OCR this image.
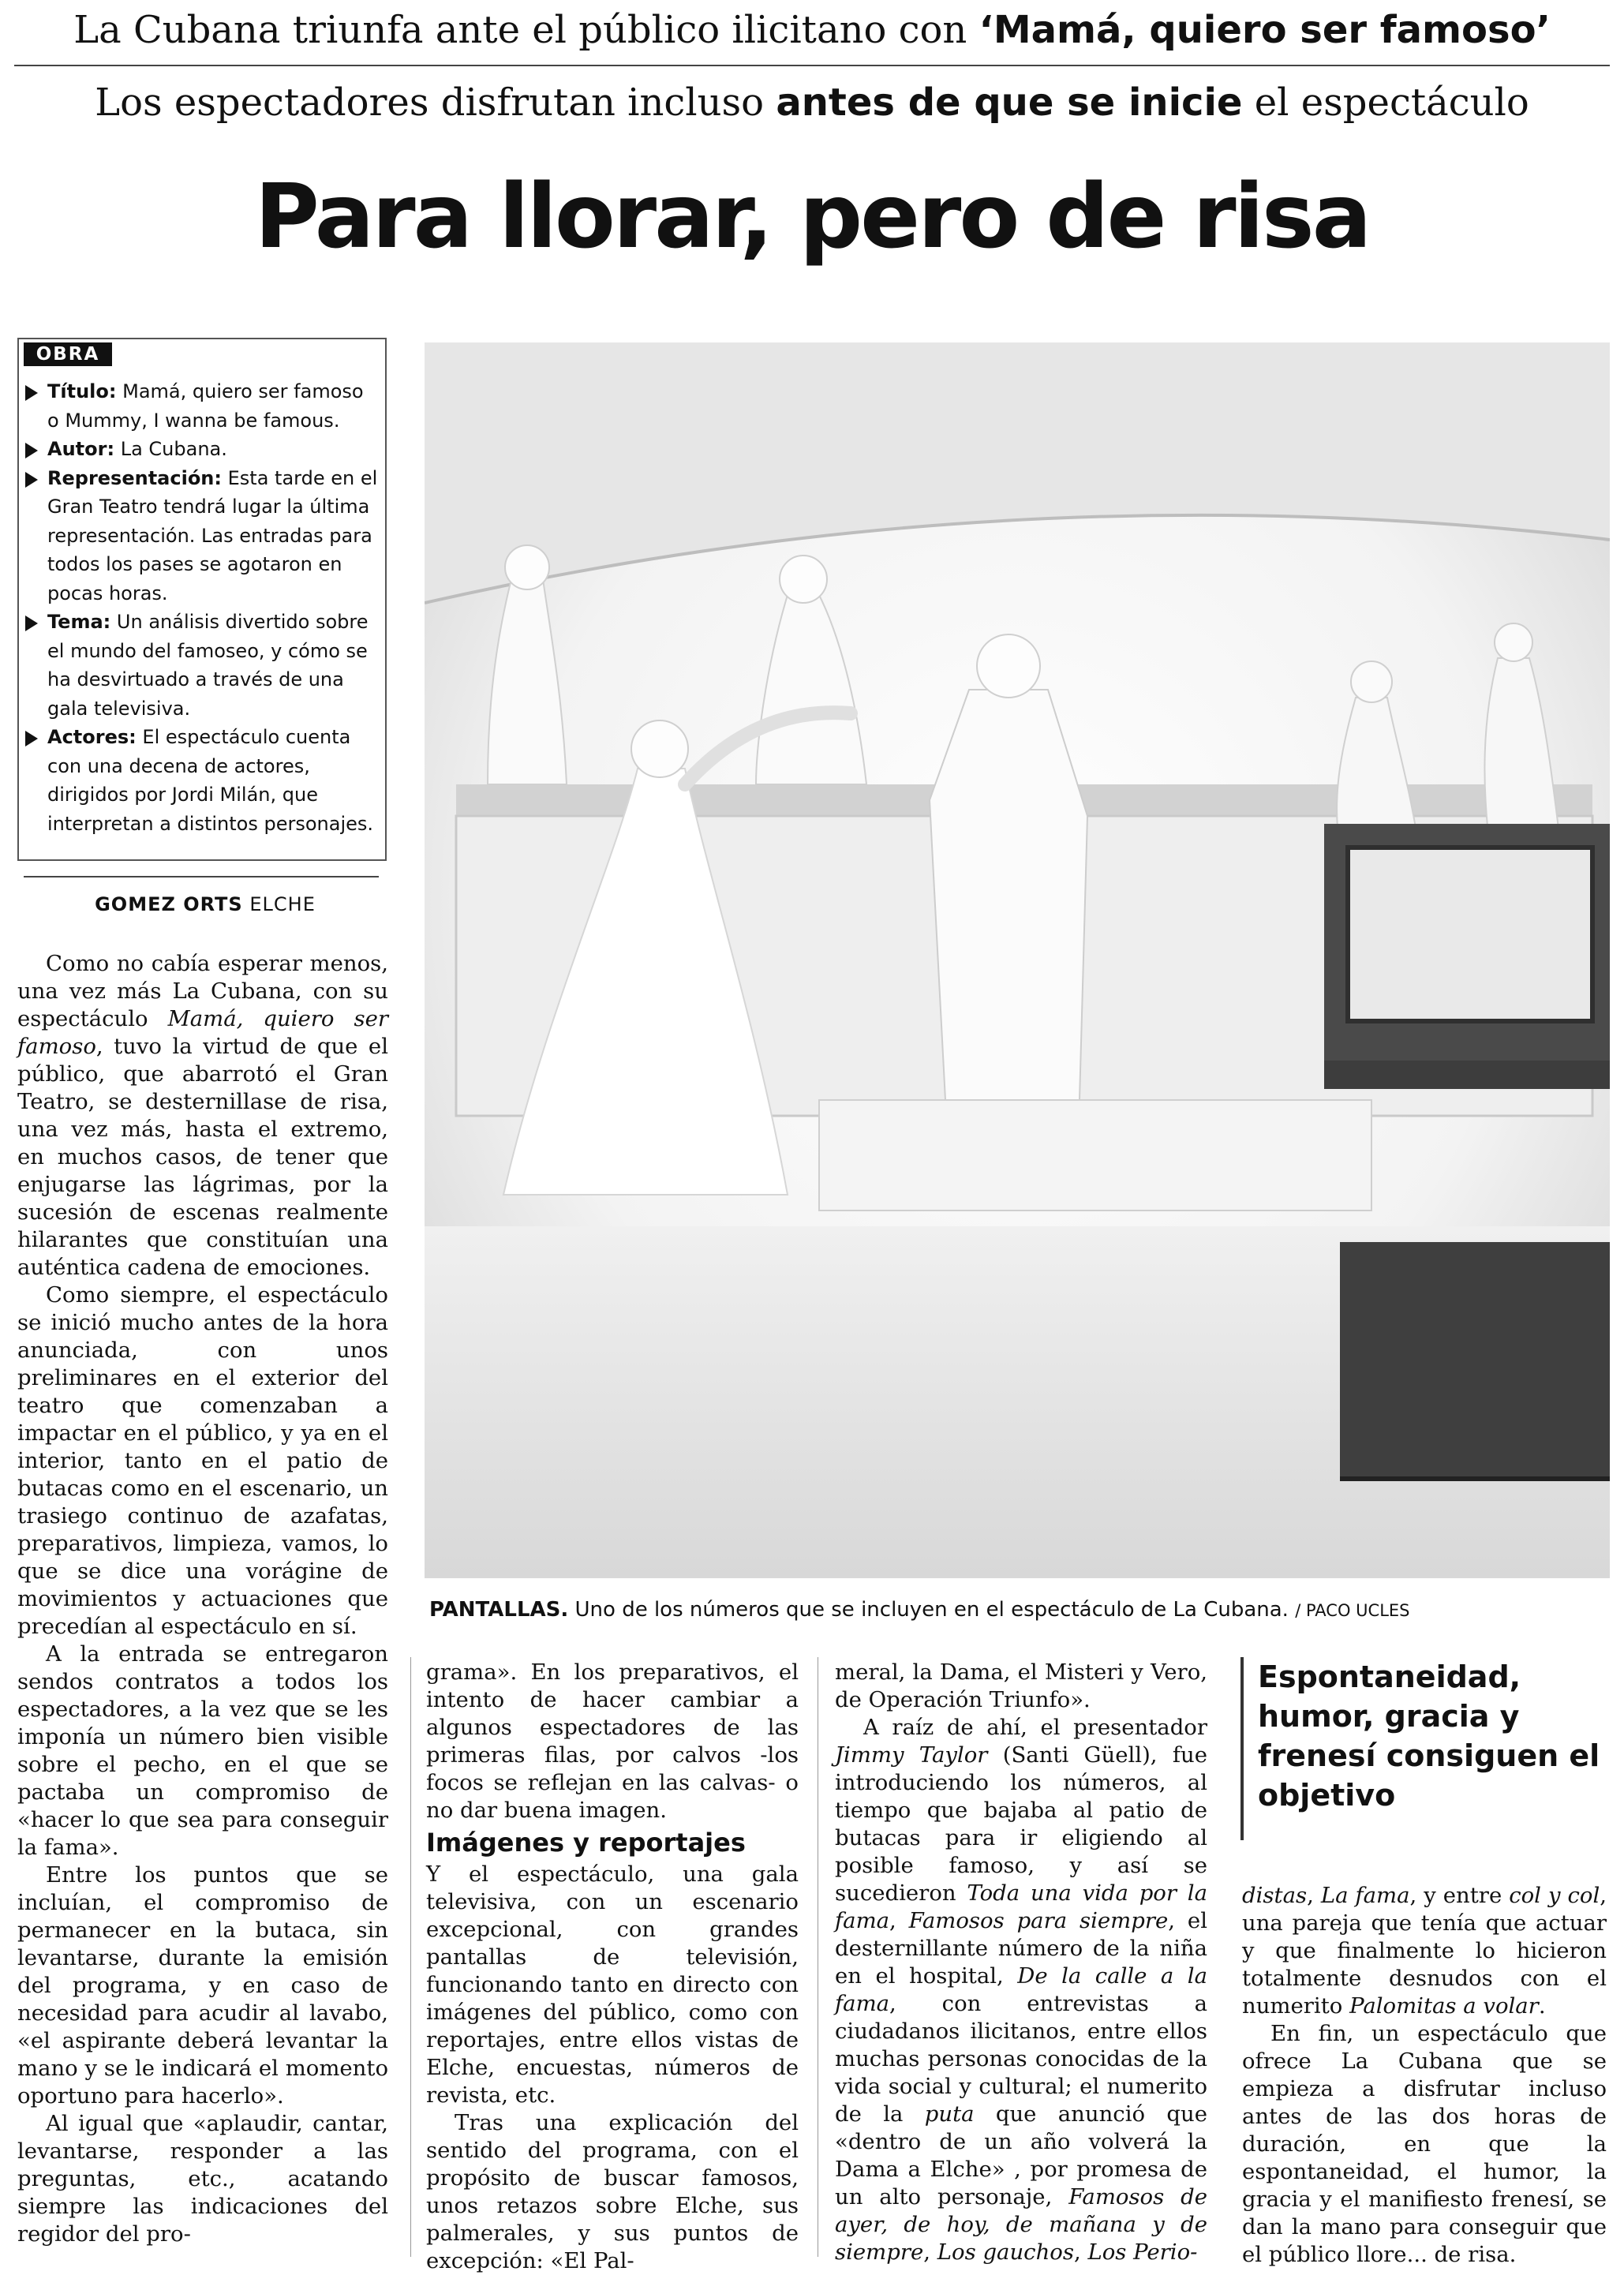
La Cubana triunfa ante el público ilicitano con ‘Mamá, quiero ser famoso’
Los espectadores disfrutan incluso antes de que se inicie el espectáculo
Para llorar, pero de risa
OBRA
Título: Mamá, quiero ser famoso o Mummy, I wanna be famous.
Autor: La Cubana.
Representación: Esta tarde en el Gran Teatro tendrá lugar la última representación. Las entradas para todos los pases se agotaron en pocas horas.
Tema: Un análisis divertido sobre el mundo del famoseo, y cómo se ha desvirtuado a través de una gala televisiva.
Actores: El espectáculo cuenta con una decena de actores, dirigidos por Jordi Milán, que interpretan a distintos personajes.
GOMEZ ORTS ELCHE
PANTALLAS. Uno de los números que se incluyen en el espectáculo de La Cubana. / PACO UCLES

Como no cabía esperar menos, una vez más La Cubana, con su espectáculo Mamá, quiero ser famoso, tuvo la virtud de que el público, que abarrotó el Gran Teatro, se desternillase de risa, una vez más, hasta el extremo, en muchos casos, de tener que enjugarse las lágrimas, por la sucesión de escenas realmente hilarantes que constituían una auténtica cadena de emociones.

Como siempre, el espectáculo se inició mucho antes de la hora anunciada, con unos preliminares en el exterior del teatro que comenzaban a impactar en el público, y ya en el interior, tanto en el patio de butacas como en el escenario, un trasiego continuo de azafatas, preparativos, limpieza, vamos, lo que se dice una vorágine de movimientos y actuaciones que precedían al espectáculo en sí.

A la entrada se entregaron sendos contratos a todos los espectadores, a la vez que se les imponía un número bien visible sobre el pecho, en el que se pactaba un compromiso de «hacer lo que sea para conseguir la fama».

Entre los puntos que se incluían, el compromiso de permanecer en la butaca, sin levantarse, durante la emisión del programa, y en caso de necesidad para acudir al lavabo, «el aspirante deberá levantar la mano y se le indicará el momento oportuno para hacerlo».

Al igual que «aplaudir, cantar, levantarse, responder a las preguntas, etc., acatando siempre las indicaciones del regidor del pro-

grama». En los preparativos, el intento de hacer cambiar a algunos espectadores de las primeras filas, por calvos -los focos se reflejan en las calvas- o no dar buena imagen.

Imágenes y reportajes

Y el espectáculo, una gala televisiva, con un escenario excepcional, con grandes pantallas de televisión, funcionando tanto en directo con imágenes del público, como con reportajes, entre ellos vistas de Elche, encuestas, números de revista, etc.

Tras una explicación del sentido del programa, con el propósito de buscar famosos, unos retazos sobre Elche, sus palmerales, y sus puntos de excepción: «El Pal-

meral, la Dama, el Misteri y Vero, de Operación Triunfo».

A raíz de ahí, el presentador Jimmy Taylor (Santi Güell), fue introduciendo los números, al tiempo que bajaba al patio de butacas para ir eligiendo al posible famoso, y así se sucedieron Toda una vida por la fama, Famosos para siempre, el desternillante número de la niña en el hospital, De la calle a la fama, con entrevistas a ciudadanos ilicitanos, entre ellos muchas personas conocidas de la vida social y cultural; el numerito de la puta que anunció que «dentro de un año volverá la Dama a Elche» , por promesa de un alto personaje, Famosos de ayer, de hoy, de mañana y de siempre, Los gauchos, Los Perio-

Espontaneidad, humor, gracia y frenesí consiguen el objetivo

distas, La fama, y entre col y col, una pareja que tenía que actuar y que finalmente lo hicieron totalmente desnudos con el numerito Palomitas a volar.

En fin, un espectáculo que ofrece La Cubana que se empieza a disfrutar incluso antes de las dos horas de duración, en que la espontaneidad, el humor, la gracia y el manifiesto frenesí, se dan la mano para conseguir que el público llore... de risa.
